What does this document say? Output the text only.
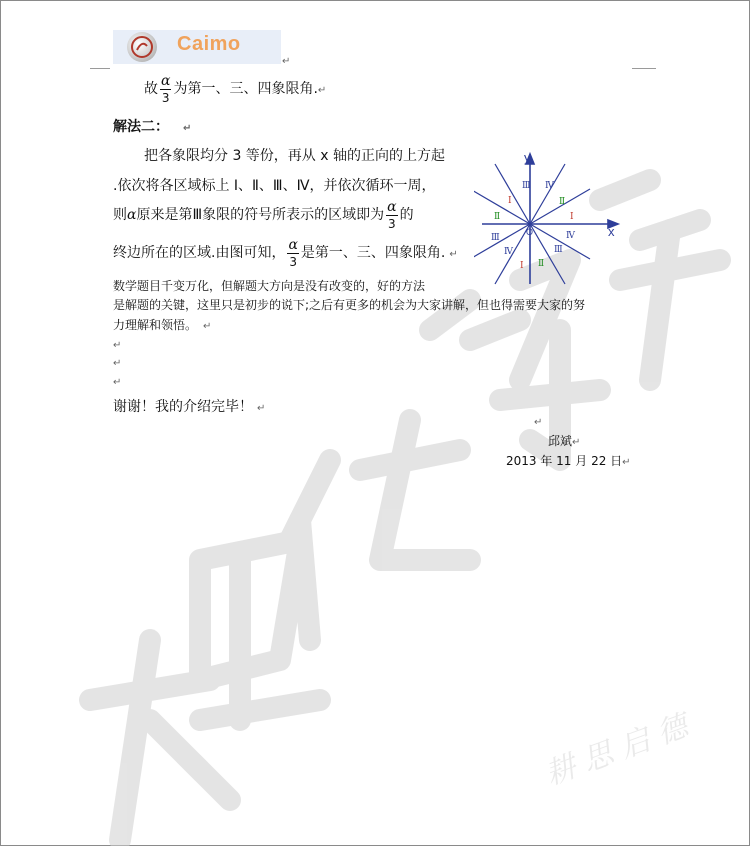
耕 思 启 德
Caimo
↵
故 $\frac{\alpha}{3}$ 为第一、三、四象限角.↵
解法二： ↵
把各象限均分 3 等份，再从 x 轴的正向的上方起
.依次将各区域标上 Ⅰ、Ⅱ、Ⅲ、Ⅳ，并依次循环一周，
则α原来是第Ⅲ象限的符号所表示的区域即为 $\frac{\alpha}{3}$ 的
终边所在的区域.由图可知， $\frac{\alpha}{3}$ 是第一、三、四象限角. ↵
Ⅳ
Ⅱ
Ⅰ
Ⅲ
Ⅰ
Ⅱ
Ⅲ
Ⅳ
Ⅰ Ⅱ
Ⅲ
Ⅳ
y
x
O
数学题目千变万化，但解题大方向是没有改变的，好的方法
是解题的关键，这里只是初步的说下;之后有更多的机会为大家讲解，但也得需要大家的努
力理解和领悟。 ↵
↵
↵
↵
谢谢！我的介绍完毕！ ↵
↵
邱斌↵
2013 年 11 月 22 日↵
